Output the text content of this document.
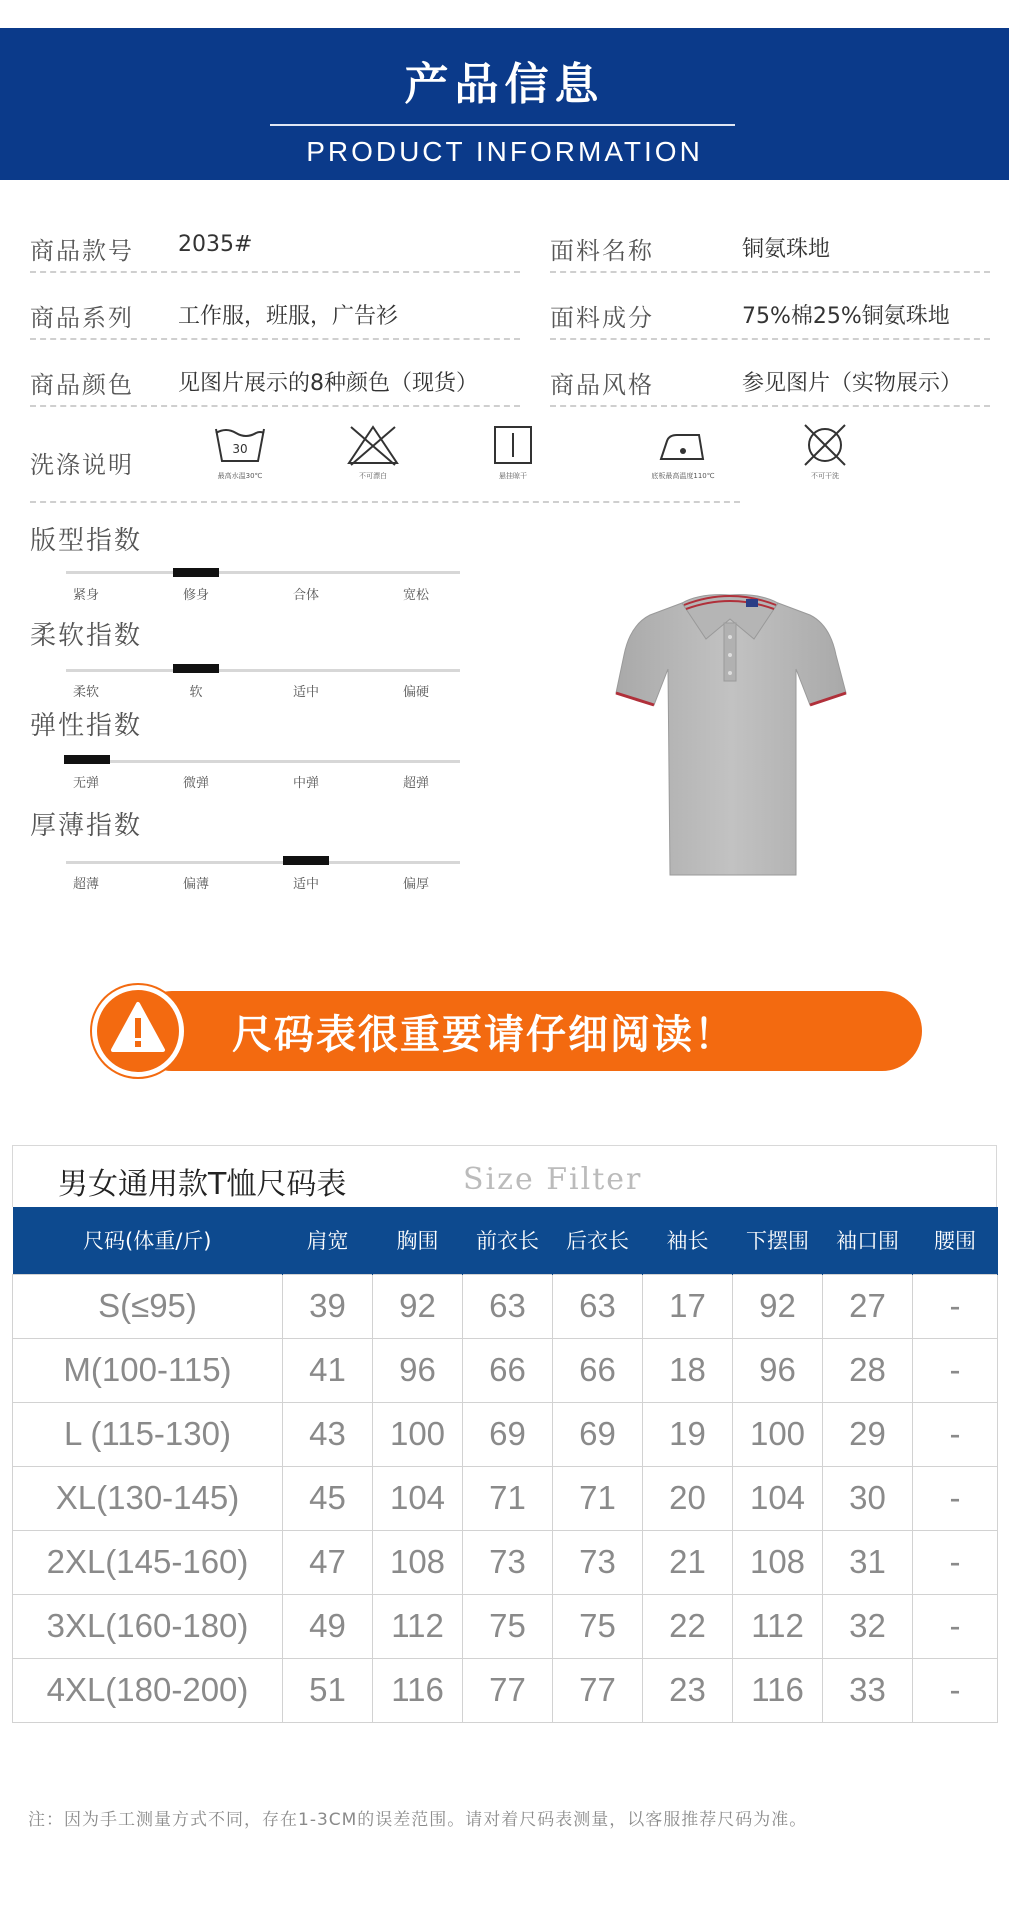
产品信息
PRODUCT INFORMATION
商品款号 2035#	面料名称	铜氨珠地
商品系列 工作服，班服，广告衫	面料成分	75%棉25%铜氨珠地
商品颜色 见图片展示的8种颜色（现货）	商品风格	参见图片（实物展示）
洗涤说明
30
最高水温30℃	不可漂白	悬挂晾干	底板最高温度110℃	不可干洗
版型指数
紧身	修身	合体	宽松
柔软指数
柔软	软	适中	偏硬
弹性指数
无弹	微弹	中弹	超弹
厚薄指数
超薄	偏薄	适中	偏厚
尺码表很重要请仔细阅读！
男女通用款T恤尺码表	Size Filter
尺码(体重/斤)	肩宽	胸围	前衣长	后衣长	袖长	下摆围	袖口围	腰围
S(≤95)	39	92	63	63	17	92	27	-
M(100-115)	41	96	66	66	18	96	28	-
L (115-130)	43	100	69	69	19	100	29	-
XL(130-145)	45	104	71	71	20	104	30	-
2XL(145-160)	47	108	73	73	21	108	31	-
3XL(160-180)	49	112	75	75	22	112	32	-
4XL(180-200)	51	116	77	77	23	116	33	-
注：因为手工测量方式不同，存在1-3CM的误差范围。请对着尺码表测量，以客服推荐尺码为准。
